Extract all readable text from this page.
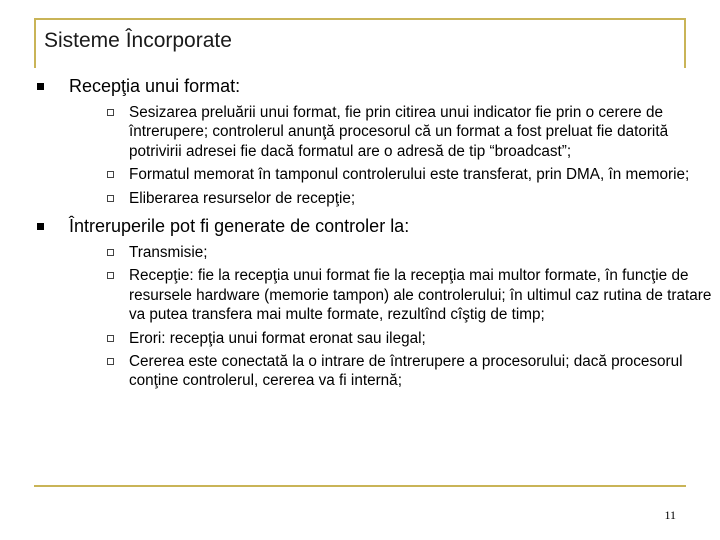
Sisteme Încorporate
Recepţia unui format:
Sesizarea preluării unui format, fie prin citirea unui indicator fie prin o cerere de întrerupere; controlerul anunţă procesorul că un format a fost preluat fie datorită potrivirii adresei fie dacă formatul are o adresă de tip “broadcast”;
Formatul memorat în tamponul controlerului este transferat, prin DMA, în memorie;
Eliberarea resurselor de recepţie;
Întreruperile pot fi generate de controler la:
Transmisie;
Recepţie: fie la recepţia unui format fie la recepţia mai multor formate, în funcţie de resursele hardware (memorie tampon) ale controlerului; în ultimul caz rutina de tratare va putea transfera mai multe formate, rezultînd cîştig de timp;
Erori: recepţia unui format eronat sau ilegal;
Cererea este conectată la o intrare de întrerupere a procesorului; dacă procesorul conţine controlerul, cererea va fi internă;
11
